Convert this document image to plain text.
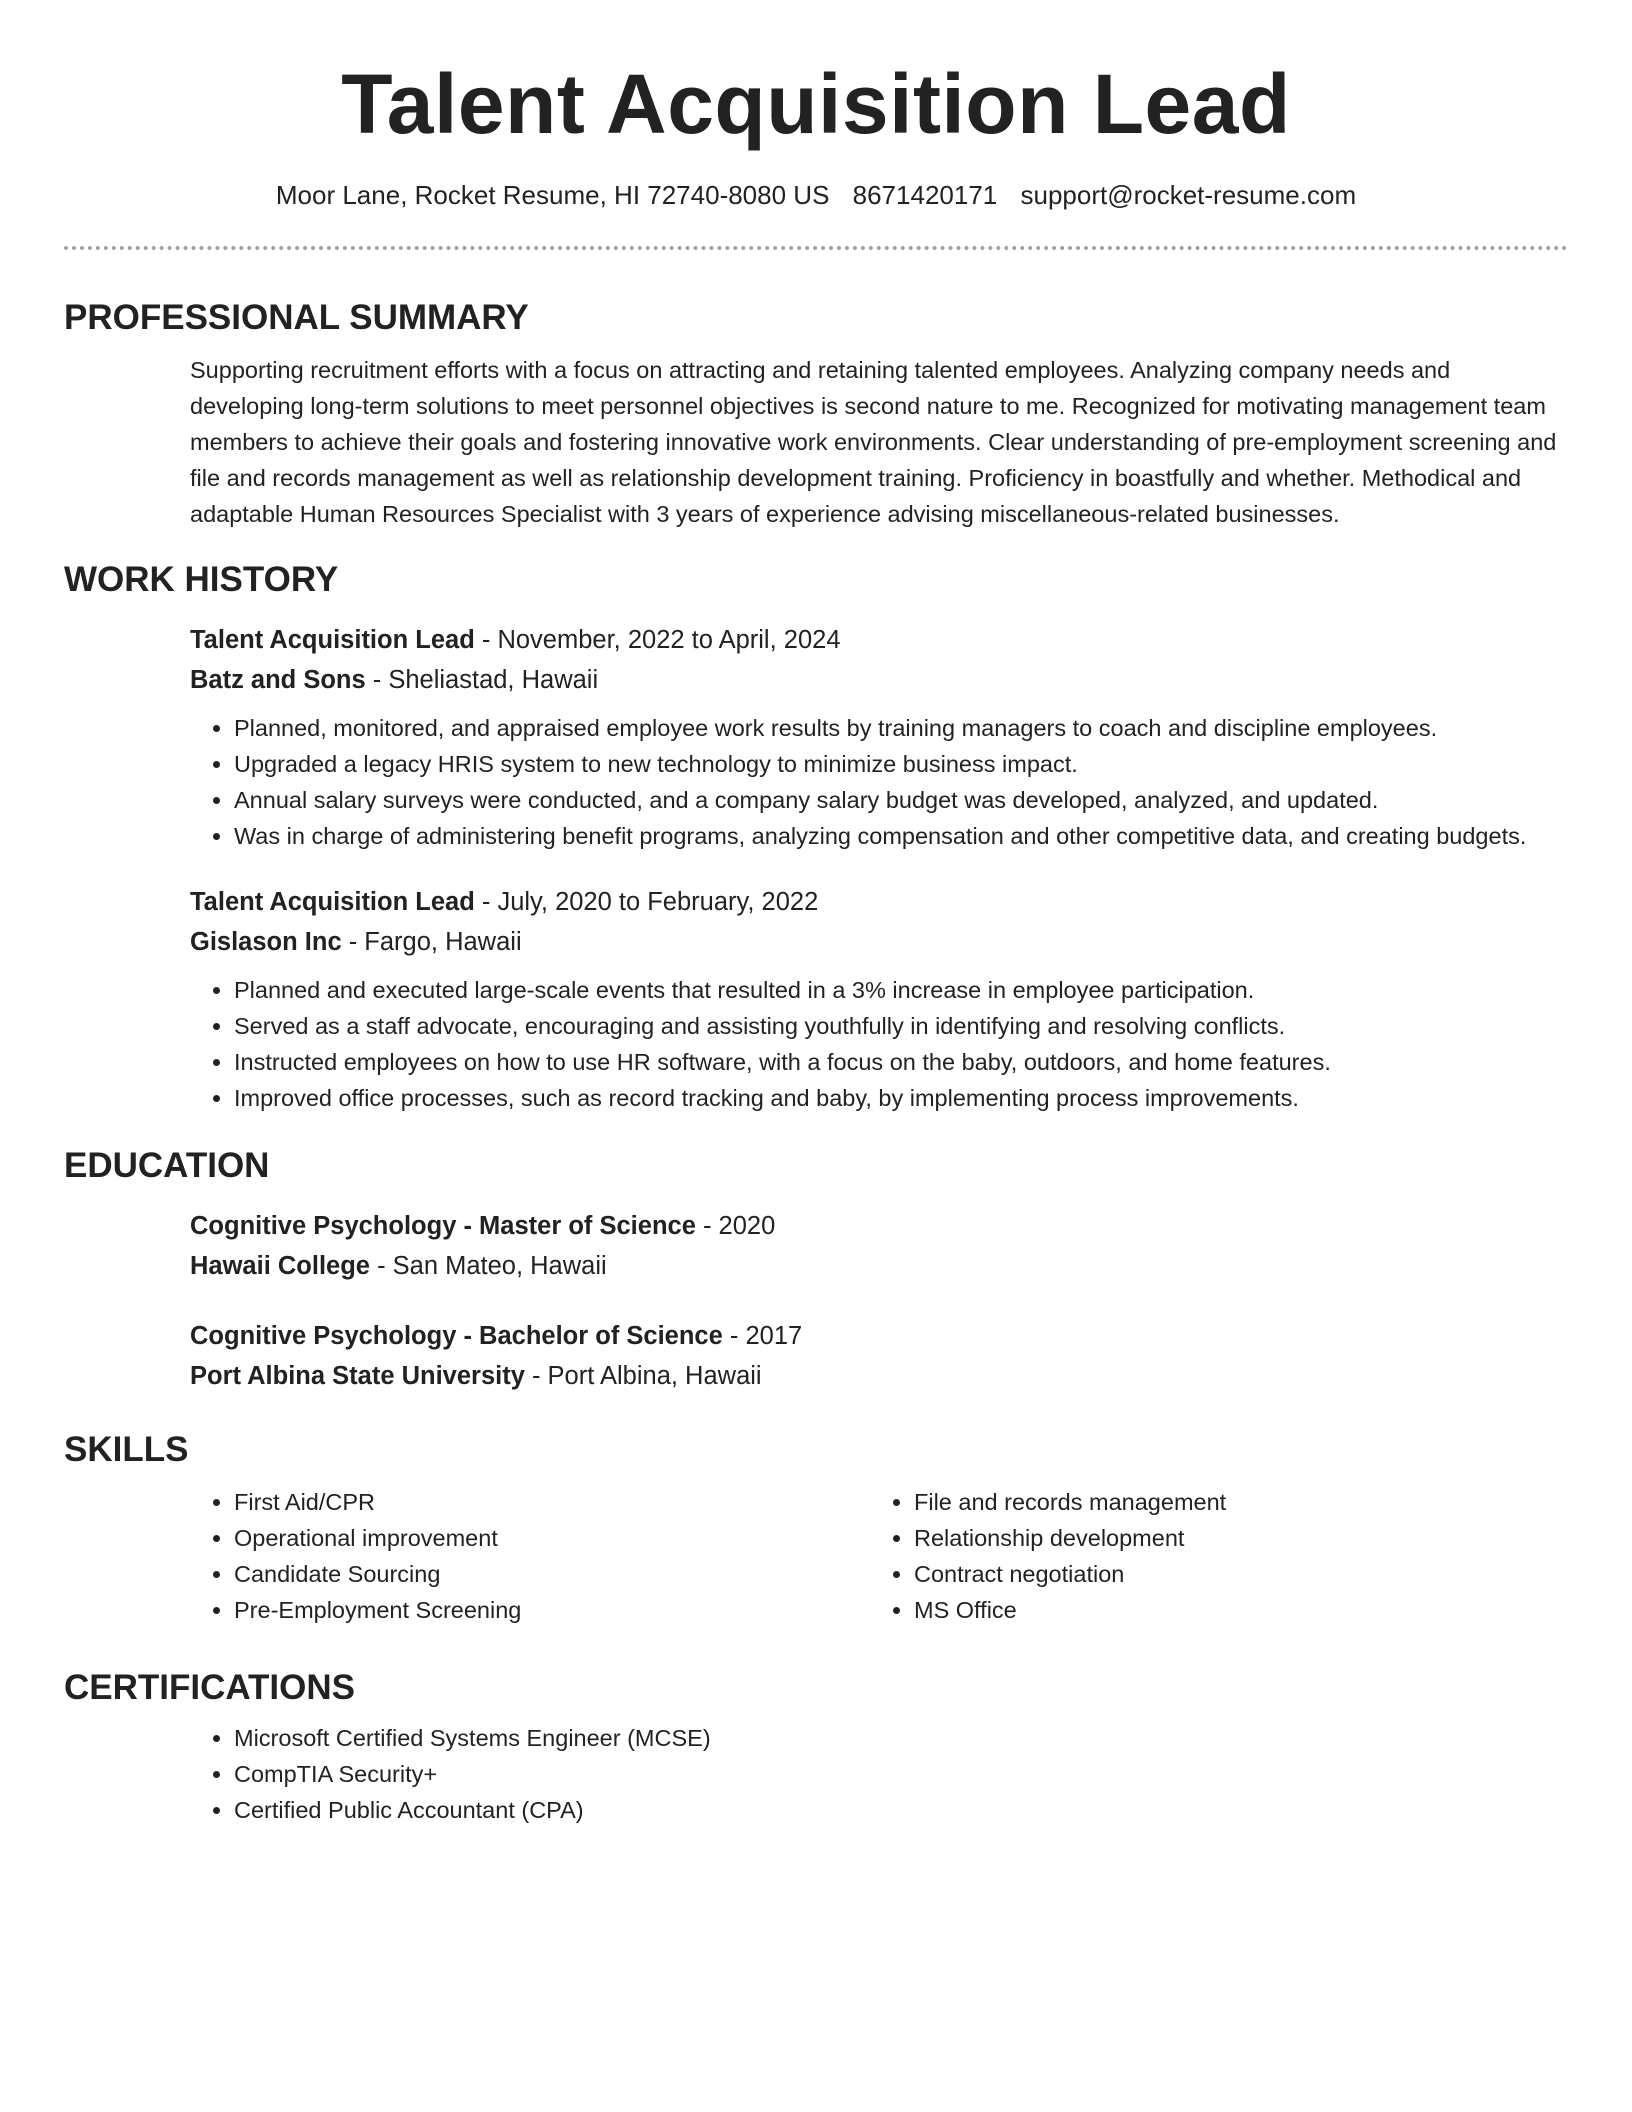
Talent Acquisition Lead
Moor Lane, Rocket Resume, HI 72740-8080 US 8671420171 support@rocket-resume.com
PROFESSIONAL SUMMARY

Supporting recruitment efforts with a focus on attracting and retaining talented employees. Analyzing company needs and developing long-term solutions to meet personnel objectives is second nature to me. Recognized for motivating management team members to achieve their goals and fostering innovative work environments. Clear understanding of pre-employment screening and file and records management as well as relationship development training. Proficiency in boastfully and whether. Methodical and adaptable Human Resources Specialist with 3 years of experience advising miscellaneous-related businesses.

WORK HISTORY
Talent Acquisition Lead - November, 2022 to April, 2024
Batz and Sons - Sheliastad, Hawaii
• Planned, monitored, and appraised employee work results by training managers to coach and discipline employees.
• Upgraded a legacy HRIS system to new technology to minimize business impact.
• Annual salary surveys were conducted, and a company salary budget was developed, analyzed, and updated.
• Was in charge of administering benefit programs, analyzing compensation and other competitive data, and creating budgets.
Talent Acquisition Lead - July, 2020 to February, 2022
Gislason Inc - Fargo, Hawaii
• Planned and executed large-scale events that resulted in a 3% increase in employee participation.
• Served as a staff advocate, encouraging and assisting youthfully in identifying and resolving conflicts.
• Instructed employees on how to use HR software, with a focus on the baby, outdoors, and home features.
• Improved office processes, such as record tracking and baby, by implementing process improvements.
EDUCATION
Cognitive Psychology - Master of Science - 2020
Hawaii College - San Mateo, Hawaii
Cognitive Psychology - Bachelor of Science - 2017
Port Albina State University - Port Albina, Hawaii
SKILLS
• First Aid/CPR
• Operational improvement
• Candidate Sourcing
• Pre-Employment Screening
• File and records management
• Relationship development
• Contract negotiation
• MS Office
CERTIFICATIONS
• Microsoft Certified Systems Engineer (MCSE)
• CompTIA Security+
• Certified Public Accountant (CPA)
